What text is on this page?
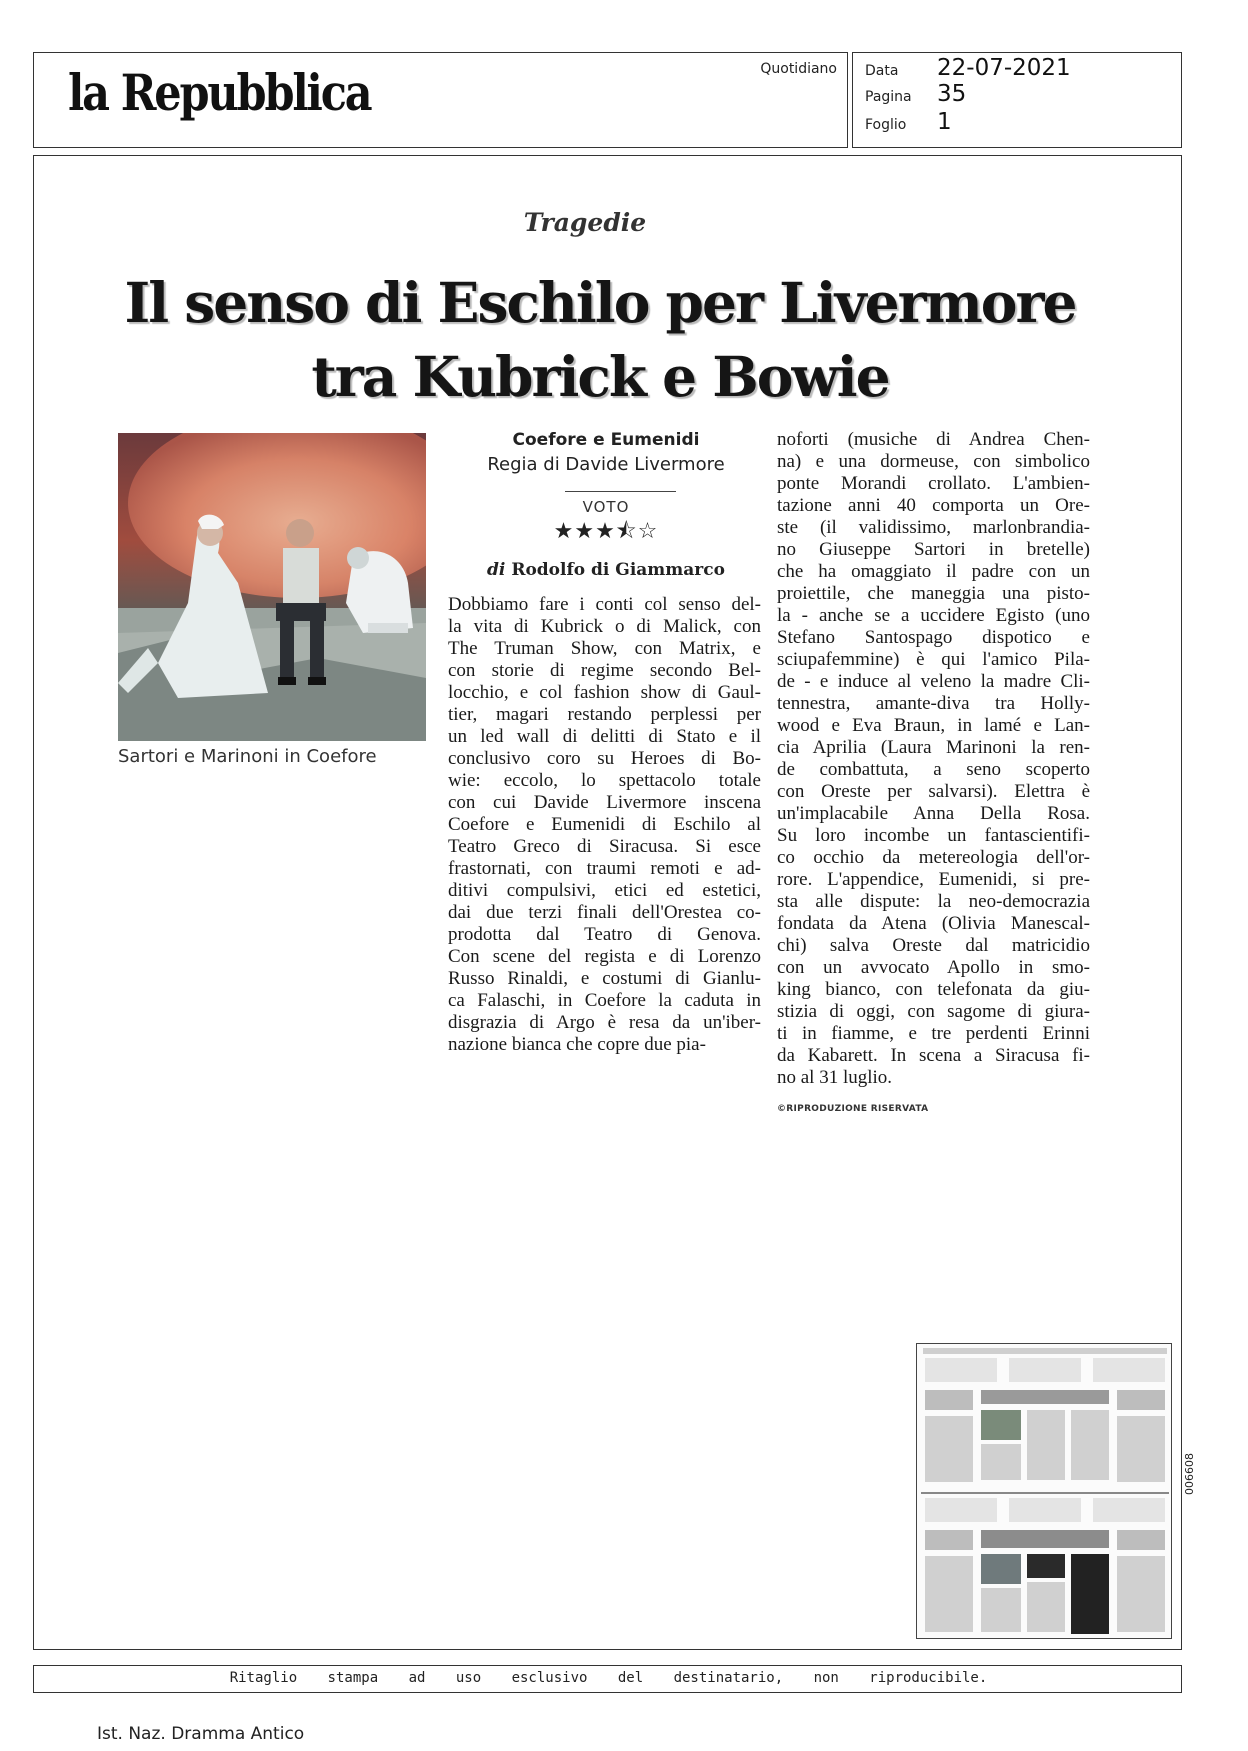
la Repubblica	Quotidiano Data	22-07-2021
Pagina	35
Foglio	1
Tragedie
Il senso di Eschilo per Livermore
tra Kubrick e Bowie
Sartori e Marinoni in Coefore
Coefore e Eumenidi
Regia di Davide Livermore
VOTO
★★★⯪☆
di Rodolfo di Giammarco
Dobbiamo fare i conti col senso del-
la vita di Kubrick o di Malick, con
The Truman Show, con Matrix, e
con storie di regime secondo Bel-
locchio, e col fashion show di Gaul-
tier, magari restando perplessi per
un led wall di delitti di Stato e il
conclusivo coro su Heroes di Bo-
wie: eccolo, lo spettacolo totale
con cui Davide Livermore inscena
Coefore e Eumenidi di Eschilo al
Teatro Greco di Siracusa. Si esce
frastornati, con traumi remoti e ad-
ditivi compulsivi, etici ed estetici,
dai due terzi finali dell'Orestea co-
prodotta dal Teatro di Genova.
Con scene del regista e di Lorenzo
Russo Rinaldi, e costumi di Gianlu-
ca Falaschi, in Coefore la caduta in
disgrazia di Argo è resa da un'iber-
nazione bianca che copre due pia-
noforti (musiche di Andrea Chen-
na) e una dormeuse, con simbolico
ponte Morandi crollato. L'ambien-
tazione anni 40 comporta un Ore-
ste (il validissimo, marlonbrandia-
no Giuseppe Sartori in bretelle)
che ha omaggiato il padre con un
proiettile, che maneggia una pisto-
la - anche se a uccidere Egisto (uno
Stefano Santospago dispotico e
sciupafemmine) è qui l'amico Pila-
de - e induce al veleno la madre Cli-
tennestra, amante-diva tra Holly-
wood e Eva Braun, in lamé e Lan-
cia Aprilia (Laura Marinoni la ren-
de combattuta, a seno scoperto
con Oreste per salvarsi). Elettra è
un'implacabile Anna Della Rosa.
Su loro incombe un fantascientifi-
co occhio da metereologia dell'or-
rore. L'appendice, Eumenidi, si pre-
sta alle dispute: la neo-democrazia
fondata da Atena (Olivia Manescal-
chi) salva Oreste dal matricidio
con un avvocato Apollo in smo-
king bianco, con telefonata da giu-
stizia di oggi, con sagome di giura-
ti in fiamme, e tre perdenti Erinni
da Kabarett. In scena a Siracusa fi-
no al 31 luglio.
©RIPRODUZIONE RISERVATA
006608
Ritaglio stampa ad uso esclusivo del destinatario, non riproducibile.
Ist. Naz. Dramma Antico
